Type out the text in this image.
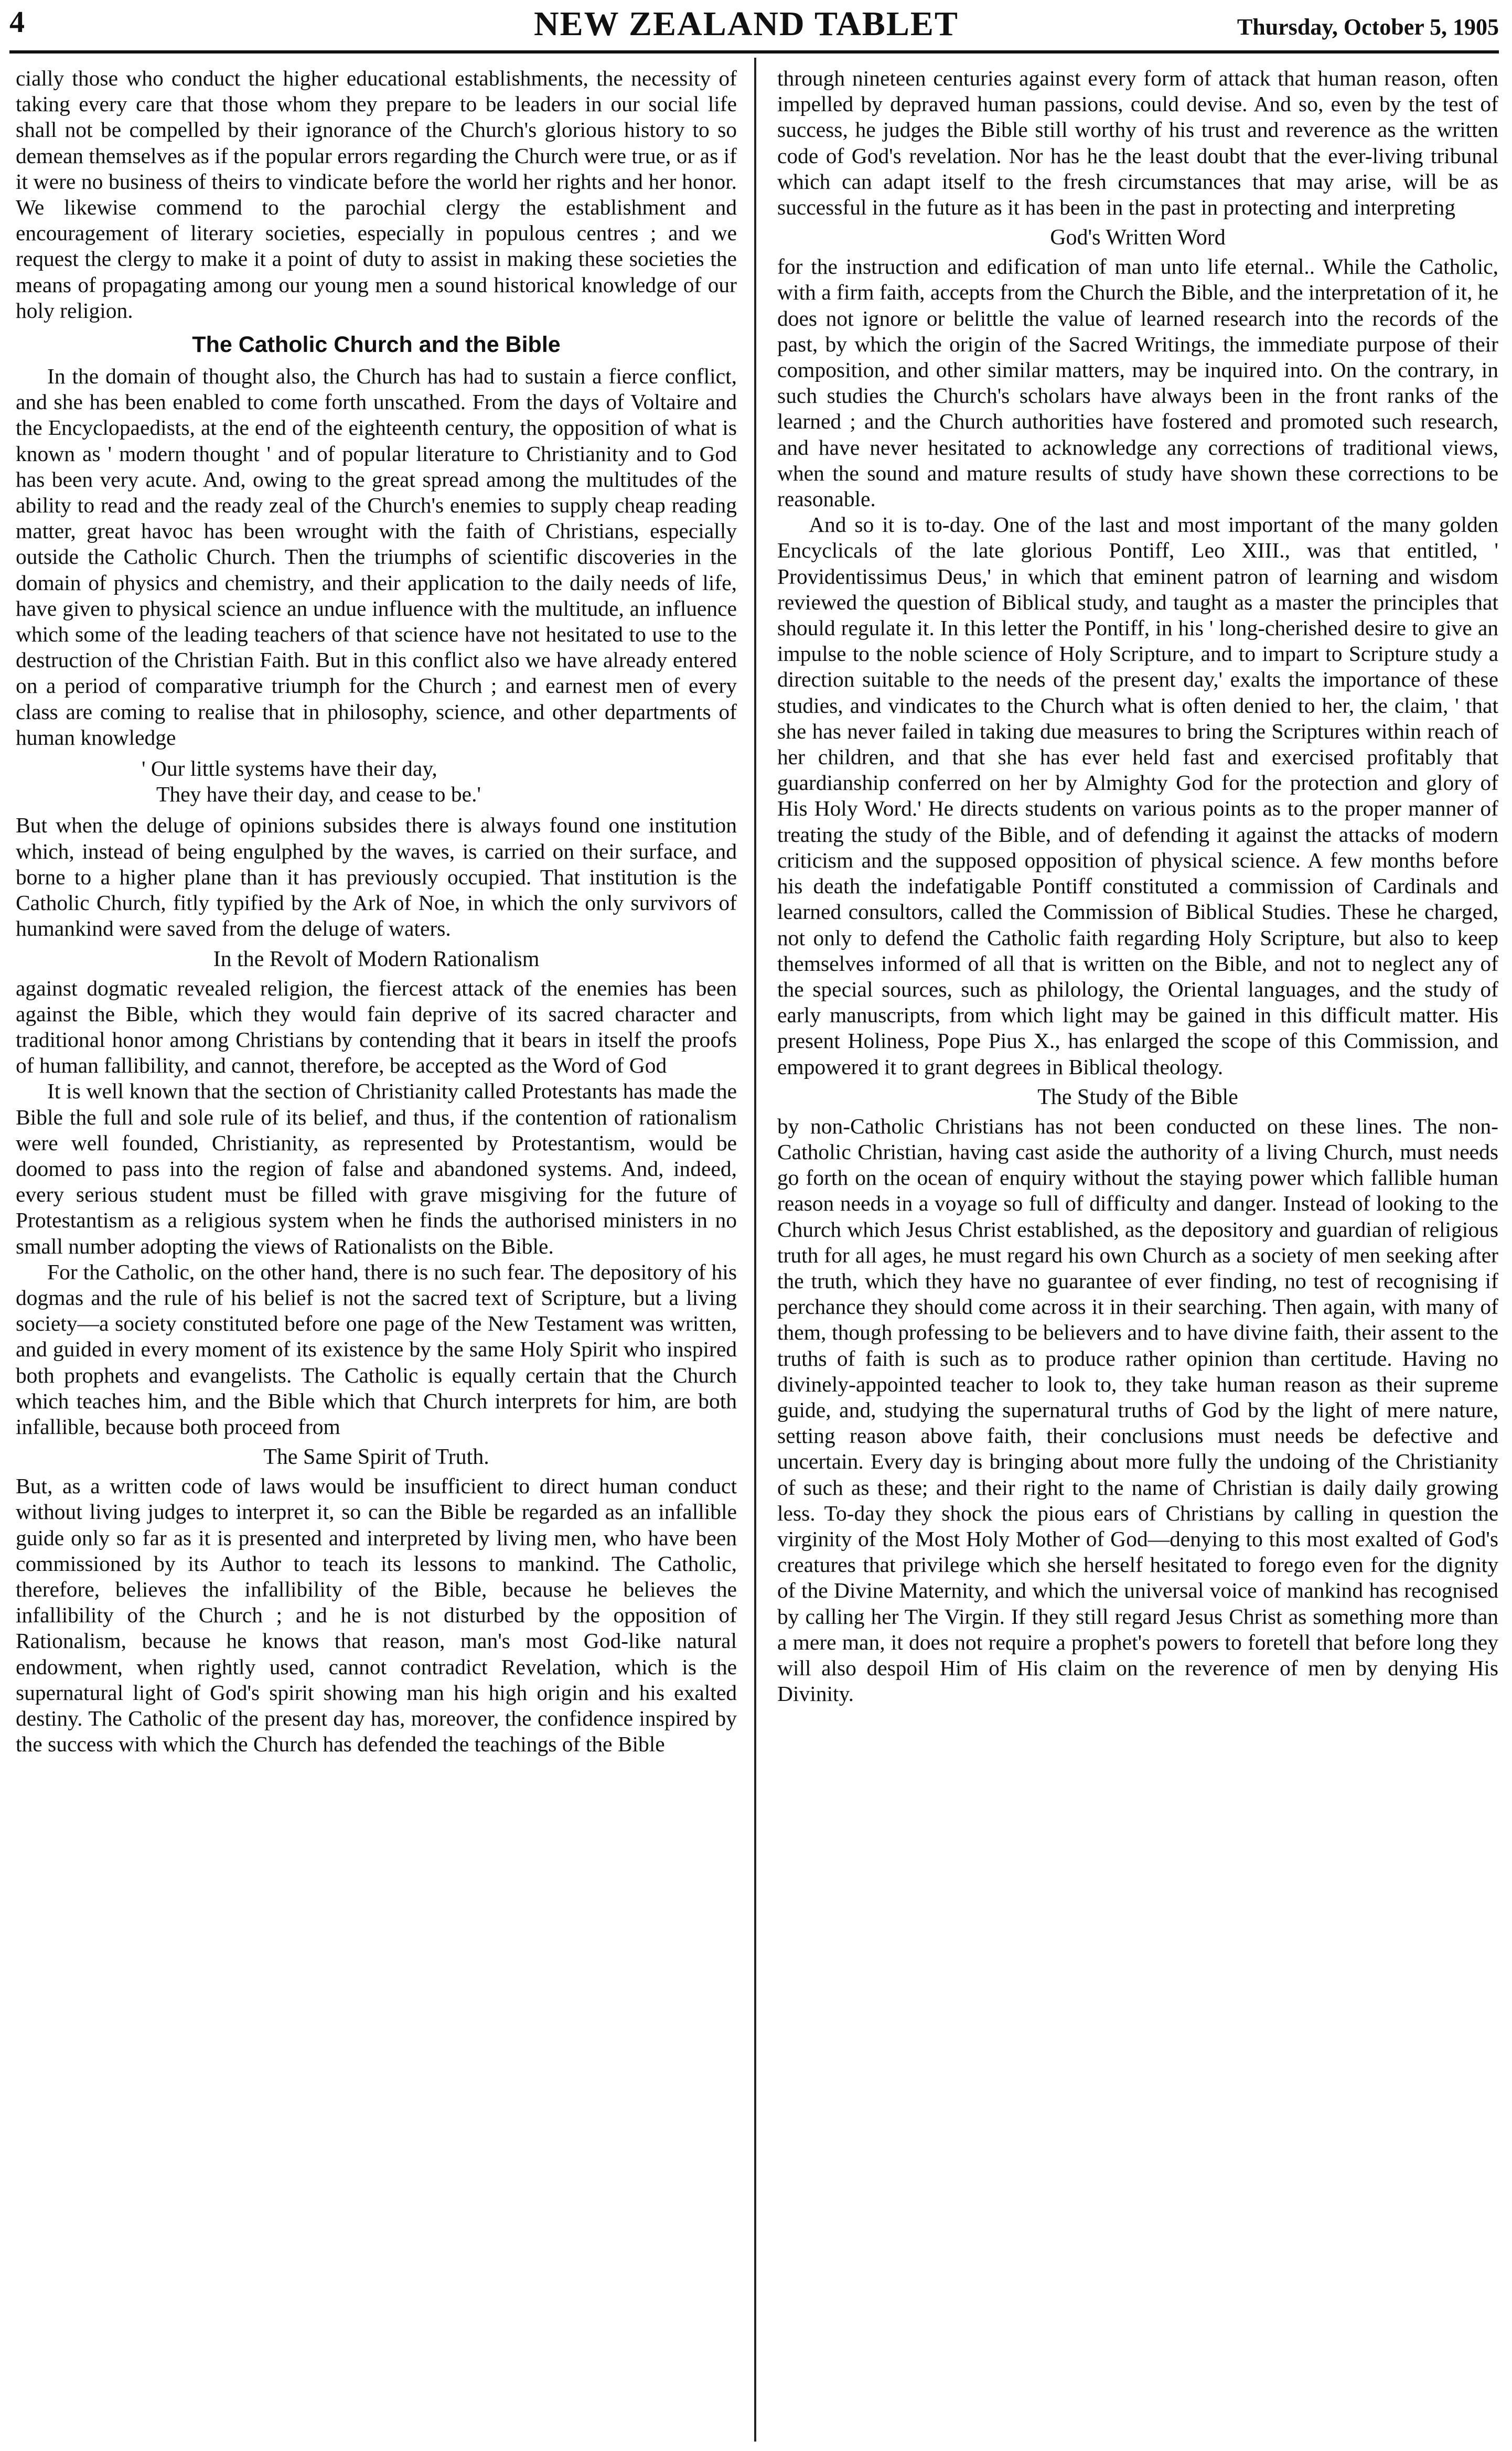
4	NEW ZEALAND TABLET	Thursday, October 5, 1905

cially those who conduct the higher educational establishments, the necessity of taking every care that those whom they prepare to be leaders in our social life shall not be compelled by their ignorance of the Church's glorious history to so demean themselves as if the popular errors regarding the Church were true, or as if it were no business of theirs to vindicate before the world her rights and her honor. We likewise commend to the parochial clergy the establishment and encouragement of literary societies, especially in populous centres ; and we request the clergy to make it a point of duty to assist in making these societies the means of propagating among our young men a sound historical knowledge of our holy religion.

The Catholic Church and the Bible

In the domain of thought also, the Church has had to sustain a fierce conflict, and she has been enabled to come forth unscathed. From the days of Voltaire and the Encyclopaedists, at the end of the eighteenth century, the opposition of what is known as ' modern thought ' and of popular literature to Christianity and to God has been very acute. And, owing to the great spread among the multitudes of the ability to read and the ready zeal of the Church's enemies to supply cheap reading matter, great havoc has been wrought with the faith of Christians, especially outside the Catholic Church. Then the triumphs of scientific discoveries in the domain of physics and chemistry, and their application to the daily needs of life, have given to physical science an undue influence with the multitude, an influence which some of the leading teachers of that science have not hesitated to use to the destruction of the Christian Faith. But in this conflict also we have already entered on a period of comparative triumph for the Church ; and earnest men of every class are coming to realise that in philosophy, science, and other departments of human knowledge

' Our little systems have their day,
They have their day, and cease to be.'

But when the deluge of opinions subsides there is always found one institution which, instead of being engulphed by the waves, is carried on their surface, and borne to a higher plane than it has previously occupied. That institution is the Catholic Church, fitly typified by the Ark of Noe, in which the only survivors of humankind were saved from the deluge of waters.

In the Revolt of Modern Rationalism

against dogmatic revealed religion, the fiercest attack of the enemies has been against the Bible, which they would fain deprive of its sacred character and traditional honor among Christians by contending that it bears in itself the proofs of human fallibility, and cannot, therefore, be accepted as the Word of God

It is well known that the section of Christianity called Protestants has made the Bible the full and sole rule of its belief, and thus, if the contention of rationalism were well founded, Christianity, as represented by Protestantism, would be doomed to pass into the region of false and abandoned systems. And, indeed, every serious student must be filled with grave misgiving for the future of Protestantism as a religious system when he finds the authorised ministers in no small number adopting the views of Rationalists on the Bible.

For the Catholic, on the other hand, there is no such fear. The depository of his dogmas and the rule of his belief is not the sacred text of Scripture, but a living society—a society constituted before one page of the New Testament was written, and guided in every moment of its existence by the same Holy Spirit who inspired both prophets and evangelists. The Catholic is equally certain that the Church which teaches him, and the Bible which that Church interprets for him, are both infallible, because both proceed from

The Same Spirit of Truth.

But, as a written code of laws would be insufficient to direct human conduct without living judges to interpret it, so can the Bible be regarded as an infallible guide only so far as it is presented and interpreted by living men, who have been commissioned by its Author to teach its lessons to mankind. The Catholic, therefore, believes the infallibility of the Bible, because he believes the infallibility of the Church ; and he is not disturbed by the opposition of Rationalism, because he knows that reason, man's most God-like natural endowment, when rightly used, cannot contradict Revelation, which is the supernatural light of God's spirit showing man his high origin and his exalted destiny. The Catholic of the present day has, moreover, the confidence inspired by the success with which the Church has defended the teachings of the Bible

through nineteen centuries against every form of attack that human reason, often impelled by depraved human passions, could devise. And so, even by the test of success, he judges the Bible still worthy of his trust and reverence as the written code of God's revelation. Nor has he the least doubt that the ever-living tribunal which can adapt itself to the fresh circumstances that may arise, will be as successful in the future as it has been in the past in protecting and interpreting

God's Written Word

for the instruction and edification of man unto life eternal.. While the Catholic, with a firm faith, accepts from the Church the Bible, and the interpretation of it, he does not ignore or belittle the value of learned research into the records of the past, by which the origin of the Sacred Writings, the immediate purpose of their composition, and other similar matters, may be inquired into. On the contrary, in such studies the Church's scholars have always been in the front ranks of the learned ; and the Church authorities have fostered and promoted such research, and have never hesitated to acknowledge any corrections of traditional views, when the sound and mature results of study have shown these corrections to be reasonable.

And so it is to-day. One of the last and most important of the many golden Encyclicals of the late glorious Pontiff, Leo XIII., was that entitled, ' Providentissimus Deus,' in which that eminent patron of learning and wisdom reviewed the question of Biblical study, and taught as a master the principles that should regulate it. In this letter the Pontiff, in his ' long-cherished desire to give an impulse to the noble science of Holy Scripture, and to impart to Scripture study a direction suitable to the needs of the present day,' exalts the importance of these studies, and vindicates to the Church what is often denied to her, the claim, ' that she has never failed in taking due measures to bring the Scriptures within reach of her children, and that she has ever held fast and exercised profitably that guardianship conferred on her by Almighty God for the protection and glory of His Holy Word.' He directs students on various points as to the proper manner of treating the study of the Bible, and of defending it against the attacks of modern criticism and the supposed opposition of physical science. A few months before his death the indefatigable Pontiff constituted a commission of Cardinals and learned consultors, called the Commission of Biblical Studies. These he charged, not only to defend the Catholic faith regarding Holy Scripture, but also to keep themselves informed of all that is written on the Bible, and not to neglect any of the special sources, such as philology, the Oriental languages, and the study of early manuscripts, from which light may be gained in this difficult matter. His present Holiness, Pope Pius X., has enlarged the scope of this Commission, and empowered it to grant degrees in Biblical theology.

The Study of the Bible

by non-Catholic Christians has not been conducted on these lines. The non-Catholic Christian, having cast aside the authority of a living Church, must needs go forth on the ocean of enquiry without the staying power which fallible human reason needs in a voyage so full of difficulty and danger. Instead of looking to the Church which Jesus Christ established, as the depository and guardian of religious truth for all ages, he must regard his own Church as a society of men seeking after the truth, which they have no guarantee of ever finding, no test of recognising if perchance they should come across it in their searching. Then again, with many of them, though professing to be believers and to have divine faith, their assent to the truths of faith is such as to produce rather opinion than certitude. Having no divinely-appointed teacher to look to, they take human reason as their supreme guide, and, studying the supernatural truths of God by the light of mere nature, setting reason above faith, their conclusions must needs be defective and uncertain. Every day is bringing about more fully the undoing of the Christianity of such as these; and their right to the name of Christian is daily daily growing less. To-day they shock the pious ears of Christians by calling in question the virginity of the Most Holy Mother of God—denying to this most exalted of God's creatures that privilege which she herself hesitated to forego even for the dignity of the Divine Maternity, and which the universal voice of mankind has recognised by calling her The Virgin. If they still regard Jesus Christ as something more than a mere man, it does not require a prophet's powers to foretell that before long they will also despoil Him of His claim on the reverence of men by denying His Divinity.
